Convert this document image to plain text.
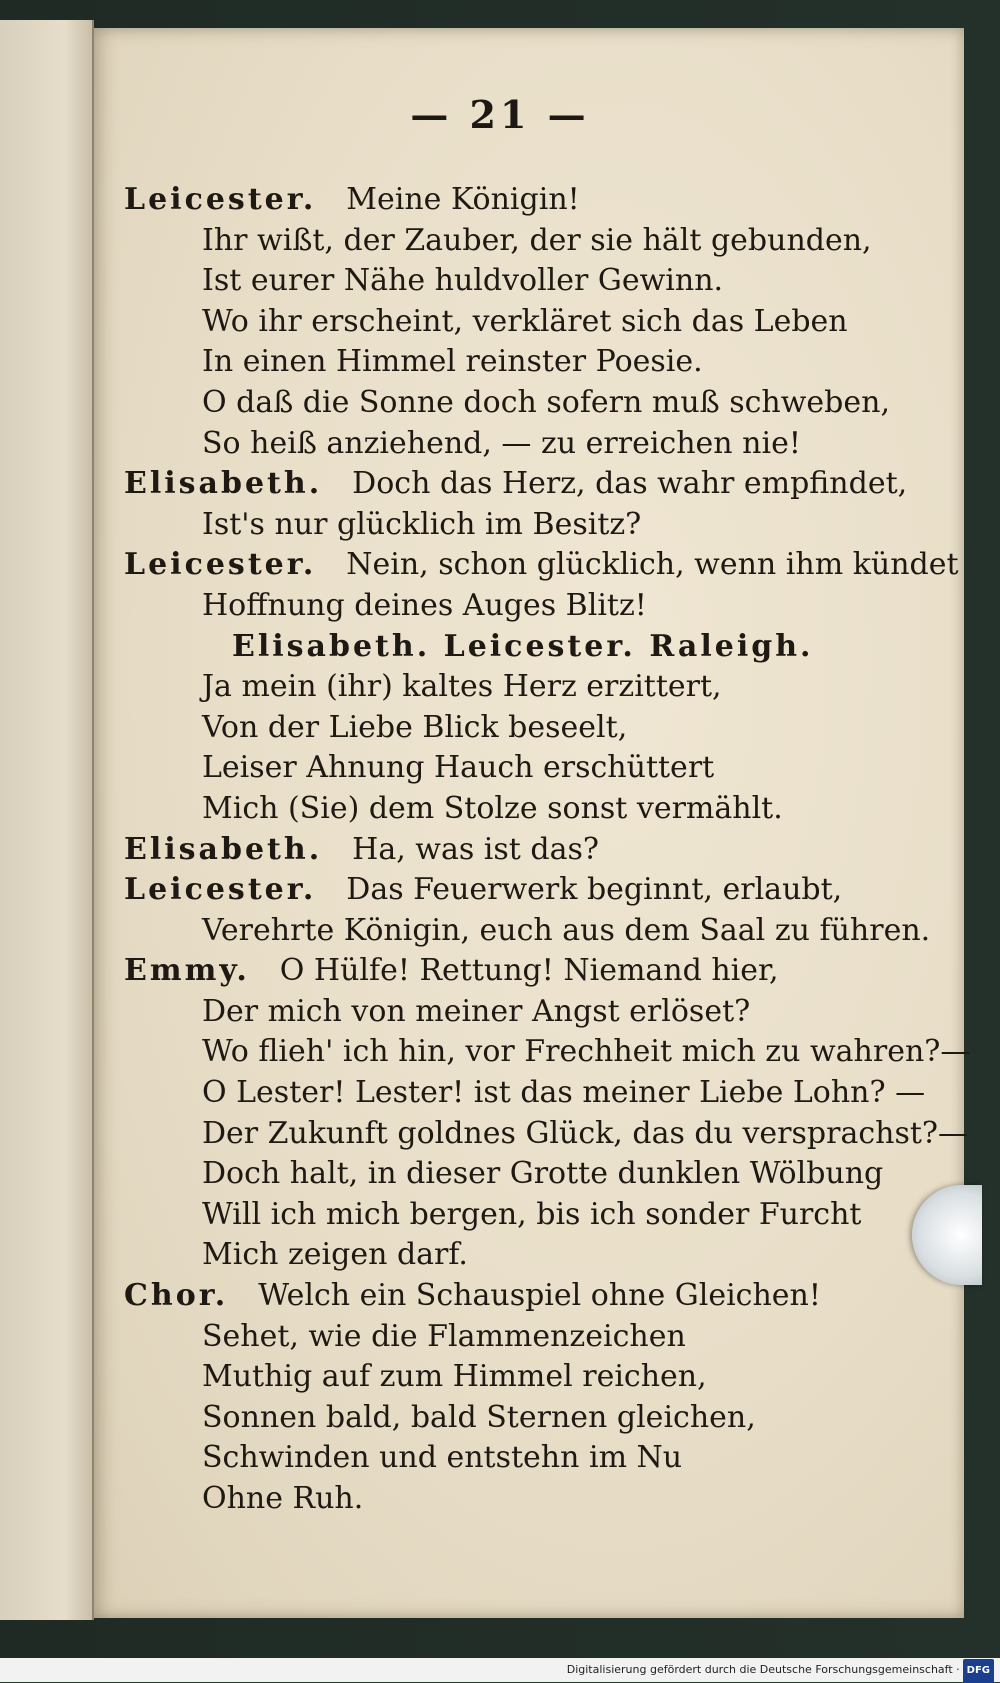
— 21 —
Leicester.  Meine Königin!
Ihr wißt, der Zauber, der sie hält gebunden,
Ist eurer Nähe huldvoller Gewinn.
Wo ihr erscheint, verkläret sich das Leben
In einen Himmel reinster Poesie.
O daß die Sonne doch sofern muß schweben,
So heiß anziehend, — zu erreichen nie!
Elisabeth.  Doch das Herz, das wahr empfindet,
Ist's nur glücklich im Besitz?
Leicester.  Nein, schon glücklich, wenn ihm kündet
Hoffnung deines Auges Blitz!
Elisabeth. Leicester. Raleigh.
Ja mein (ihr) kaltes Herz erzittert,
Von der Liebe Blick beseelt,
Leiser Ahnung Hauch erschüttert
Mich (Sie) dem Stolze sonst vermählt.
Elisabeth.  Ha, was ist das?
Leicester.  Das Feuerwerk beginnt, erlaubt,
Verehrte Königin, euch aus dem Saal zu führen.
Emmy.  O Hülfe! Rettung! Niemand hier,
Der mich von meiner Angst erlöset?
Wo flieh' ich hin, vor Frechheit mich zu wahren?—
O Lester! Lester! ist das meiner Liebe Lohn? —
Der Zukunft goldnes Glück, das du versprachst?—
Doch halt, in dieser Grotte dunklen Wölbung
Will ich mich bergen, bis ich sonder Furcht
Mich zeigen darf.
Chor.  Welch ein Schauspiel ohne Gleichen!
Sehet, wie die Flammenzeichen
Muthig auf zum Himmel reichen,
Sonnen bald, bald Sternen gleichen,
Schwinden und entstehn im Nu
Ohne Ruh.
Digitalisierung gefördert durch die Deutsche Forschungsgemeinschaft · DFG
